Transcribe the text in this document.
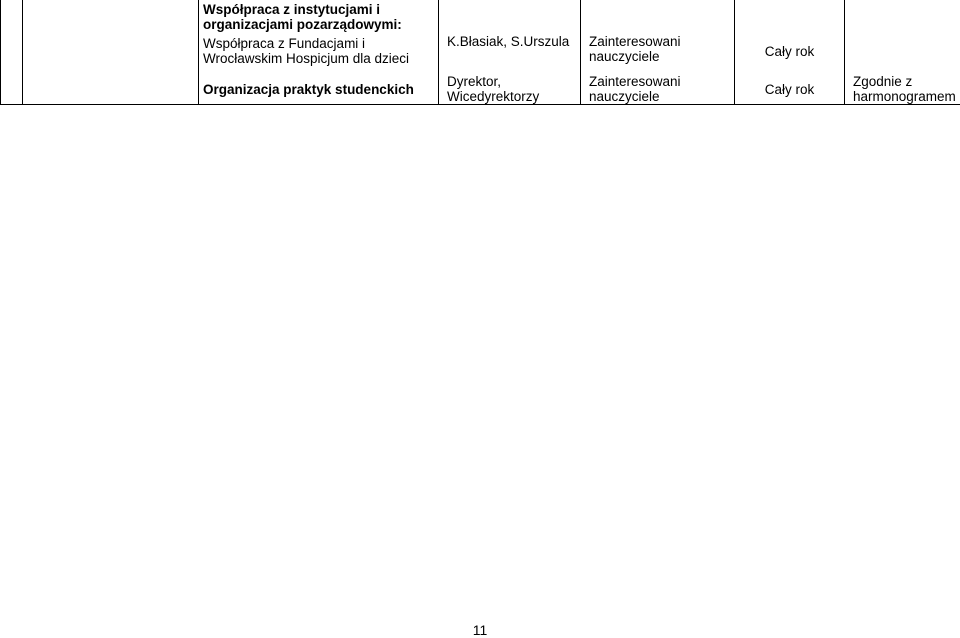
		Współpraca z instytucjami i organizacjami pozarządowymi:				
		Współpraca z Fundacjami i Wrocławskim Hospicjum dla dzieci	K.Błasiak, S.Urszula	Zainteresowani nauczyciele	Cały rok	
		Organizacja praktyk studenckich	Dyrektor, Wicedyrektorzy	Zainteresowani nauczyciele	Cały rok	Zgodnie z harmonogramem
11
